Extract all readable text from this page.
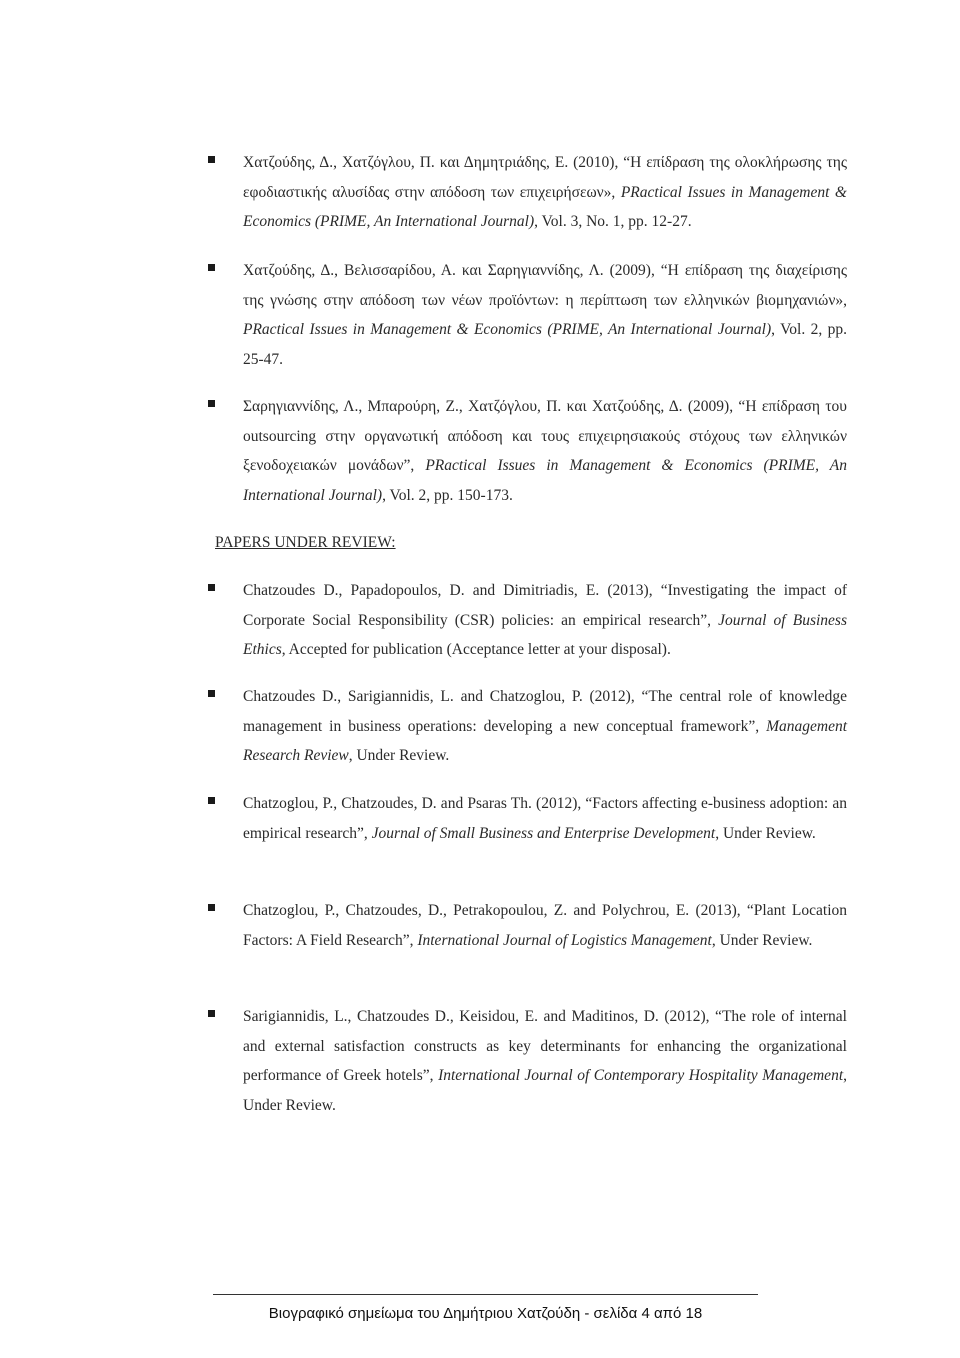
Χατζούδης, Δ., Χατζόγλου, Π. και Δημητριάδης, Ε. (2010), “Η επίδραση της ολοκλήρωσης της εφοδιαστικής αλυσίδας στην απόδοση των επιχειρήσεων», PRactical Issues in Management & Economics (PRIME, An International Journal), Vol. 3, No. 1, pp. 12-27.
Χατζούδης, Δ., Βελισσαρίδου, Α. και Σαρηγιαννίδης, Λ. (2009), “Η επίδραση της διαχείρισης της γνώσης στην απόδοση των νέων προϊόντων: η περίπτωση των ελληνικών βιομηχανιών», PRactical Issues in Management & Economics (PRIME, An International Journal), Vol. 2, pp. 25-47.
Σαρηγιαννίδης, Λ., Μπαρούρη, Ζ., Χατζόγλου, Π. και Χατζούδης, Δ. (2009), “Η επίδραση του outsourcing στην οργανωτική απόδοση και τους επιχειρησιακούς στόχους των ελληνικών ξενοδοχειακών μονάδων”, PRactical Issues in Management & Economics (PRIME, An International Journal), Vol. 2, pp. 150-173.
PAPERS UNDER REVIEW:
Chatzoudes D., Papadopoulos, D. and Dimitriadis, E. (2013), “Investigating the impact of Corporate Social Responsibility (CSR) policies: an empirical research”, Journal of Business Ethics, Accepted for publication (Acceptance letter at your disposal).
Chatzoudes D., Sarigiannidis, L. and Chatzoglou, P. (2012), “The central role of knowledge management in business operations: developing a new conceptual framework”, Management Research Review, Under Review.
Chatzoglou, P., Chatzoudes, D. and Psaras Th. (2012), “Factors affecting e-business adoption: an empirical research”, Journal of Small Business and Enterprise Development, Under Review.
Chatzoglou, P., Chatzoudes, D., Petrakopoulou, Z. and Polychrou, E. (2013), “Plant Location Factors: A Field Research”, International Journal of Logistics Management, Under Review.
Sarigiannidis, L., Chatzoudes D., Keisidou, E. and Maditinos, D. (2012), “The role of internal and external satisfaction constructs as key determinants for enhancing the organizational performance of Greek hotels”, International Journal of Contemporary Hospitality Management, Under Review.
Βιογραφικό σημείωμα του Δημήτριου Χατζούδη - σελίδα 4 από 18
